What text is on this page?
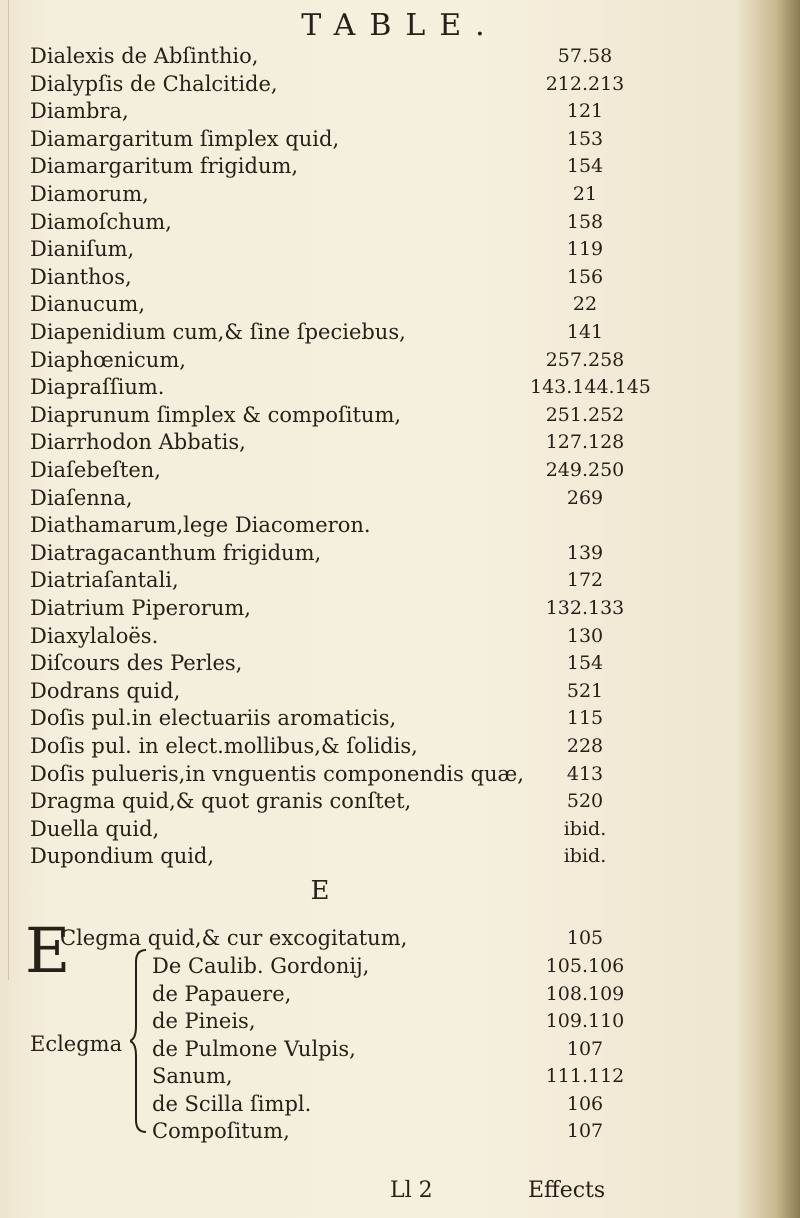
TABLE.
Dialexis de Abſinthio,	57.58
Dialypſis de Chalcitide,	212.213
Diambra,	121
Diamargaritum ſimplex quid,	153
Diamargaritum frigidum,	154
Diamorum,	21
Diamoſchum,	158
Dianiſum,	119
Dianthos,	156
Dianucum,	22
Diapenidium cum,& ſine ſpeciebus,	141
Diaphœnicum,	257.258
Diapraſſium.	143.144.145
Diaprunum ſimplex & compoſitum,	251.252
Diarrhodon Abbatis,	127.128
Diaſebeſten,	249.250
Diaſenna,	269
Diathamarum,lege Diacomeron.
Diatragacanthum frigidum,	139
Diatriaſantali,	172
Diatrium Piperorum,	132.133
Diaxylaloës.	130
Diſcours des Perles,	154
Dodrans quid,	521
Doſis pul.in electuariis aromaticis,	115
Doſis pul. in elect.mollibus,& ſolidis,	228
Doſis pulueris,in vnguentis componendis quæ,	413
Dragma quid,& quot granis conſtet,	520
Duella quid,	ibid.
Dupondium quid,	ibid.
E
E
Clegma quid,& cur excogitatum,	105
Eclegma
De Caulib. Gordonij,	105.106
de Papauere,	108.109
de Pineis,	109.110
de Pulmone Vulpis,	107
Sanum,	111.112
de Scilla ſimpl.	106
Compoſitum,	107
Ll 2	Effects
